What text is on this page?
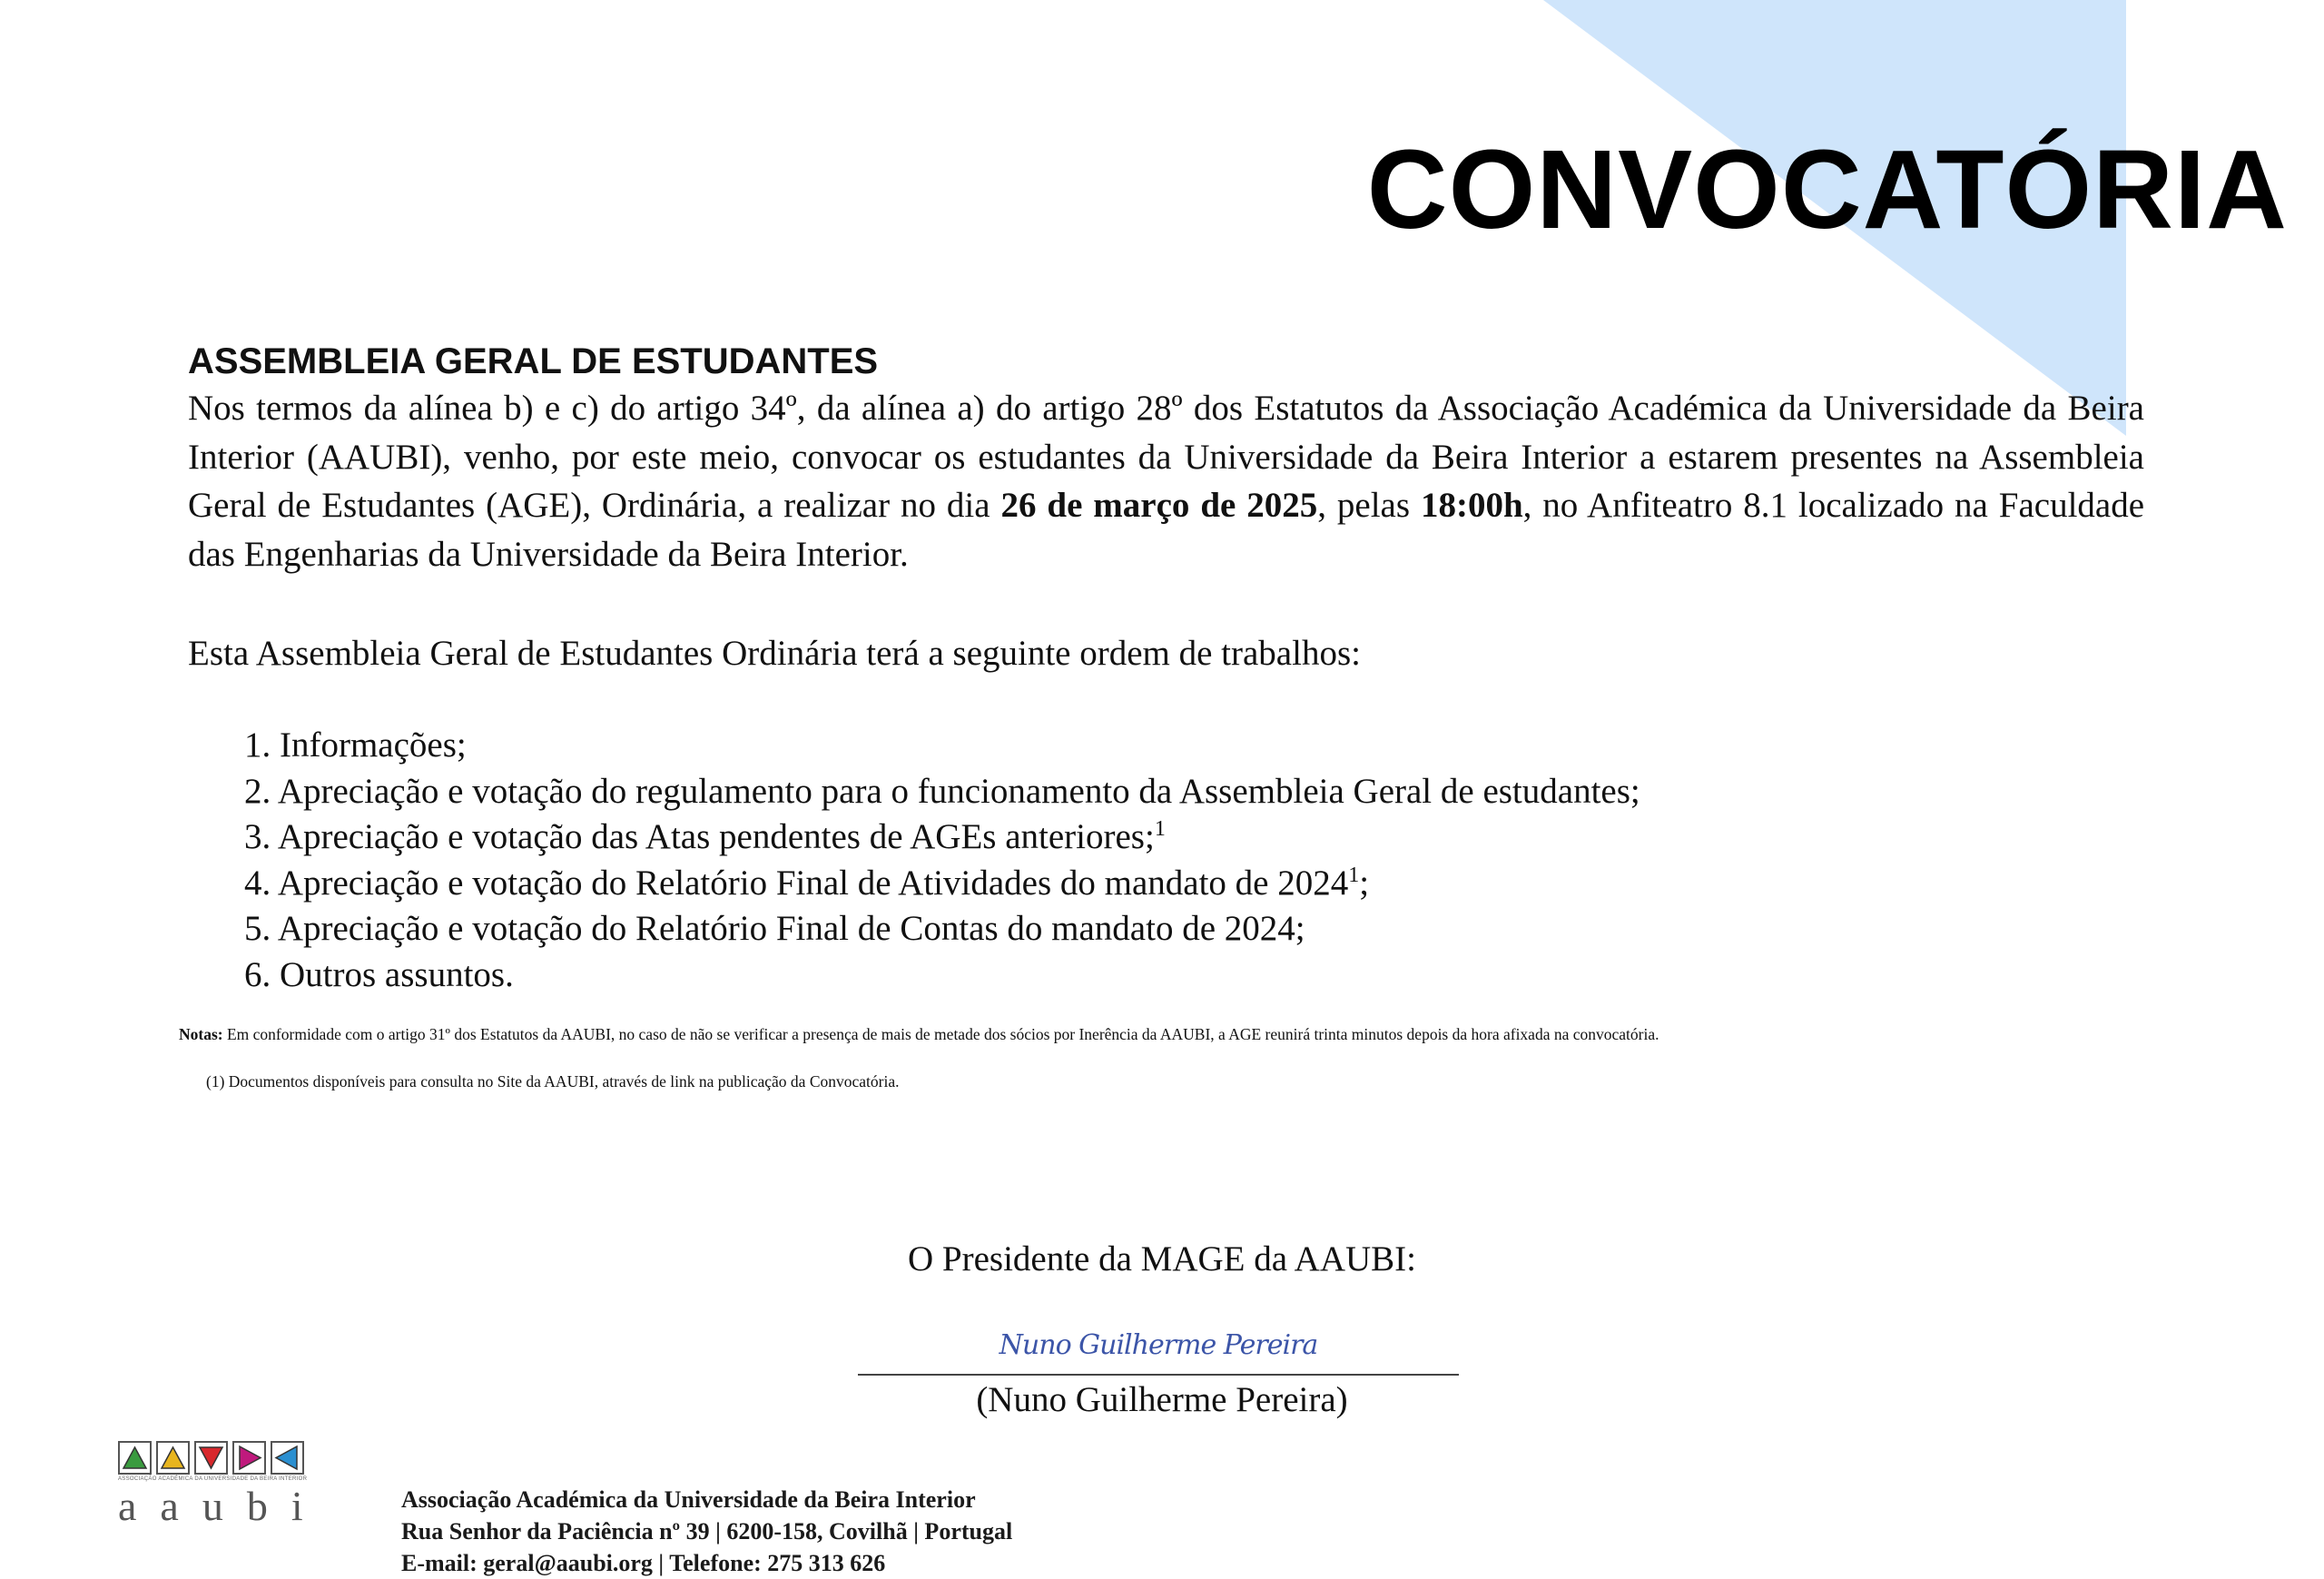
CONVOCATÓRIA
ASSEMBLEIA GERAL DE ESTUDANTES

Nos termos da alínea b) e c) do artigo 34º, da alínea a) do artigo 28º dos Estatutos da Associação Académica da Universidade da Beira Interior (AAUBI), venho, por este meio, convocar os estudantes da Universidade da Beira Interior a estarem presentes na Assembleia Geral de Estudantes (AGE), Ordinária, a realizar no dia 26 de março de 2025, pelas 18:00h, no Anfiteatro 8.1 localizado na Faculdade das Engenharias da Universidade da Beira Interior.

Esta Assembleia Geral de Estudantes Ordinária terá a seguinte ordem de trabalhos:
1. Informações;
2. Apreciação e votação do regulamento para o funcionamento da Assembleia Geral de estudantes;
3. Apreciação e votação das Atas pendentes de AGEs anteriores;$^1$
4. Apreciação e votação do Relatório Final de Atividades do mandato de 2024$^1$;
5. Apreciação e votação do Relatório Final de Contas do mandato de 2024;
6. Outros assuntos.
Notas: Em conformidade com o artigo 31º dos Estatutos da AAUBI, no caso de não se verificar a presença de mais de metade dos sócios por Inerência da AAUBI, a AGE reunirá trinta minutos depois da hora afixada na convocatória.
(1) Documentos disponíveis para consulta no Site da AAUBI, através de link na publicação da Convocatória.
O Presidente da MAGE da AAUBI:
Nuno Guilherme Pereira
(Nuno Guilherme Pereira)
ASSOCIAÇÃO ACADÉMICA DA UNIVERSIDADE DA BEIRA INTERIOR
aaubi	Associação Académica da Universidade da Beira Interior
Rua Senhor da Paciência nº 39 | 6200-158, Covilhã | Portugal
E-mail: geral@aaubi.org | Telefone: 275 313 626
